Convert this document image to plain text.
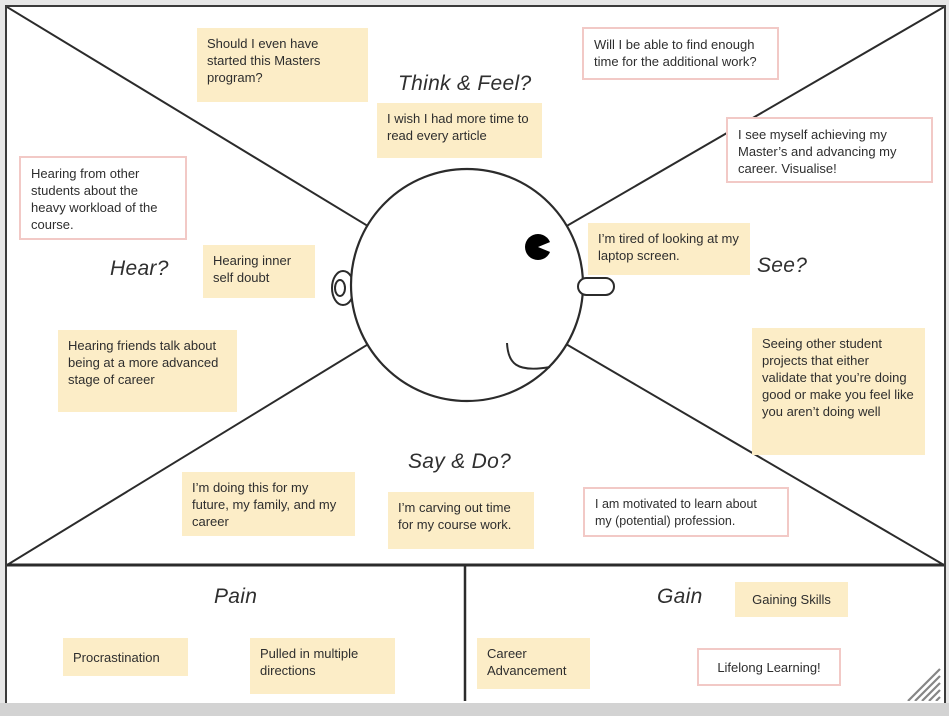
Think & Feel?
Hear?	See?
Say & Do?
Pain	Gain
Should I even have started this Masters program?
I wish I had more time to read every article
Will I be able to find enough time for the additional work?
I see myself achieving my Master’s and advancing my career. Visualise!
Hearing from other students about the heavy workload of the course.
Hearing inner self doubt
Hearing friends talk about being at a more advanced stage of career
I’m tired of looking at my laptop screen.
Seeing other student projects that either validate that you’re doing good or make you feel like you aren’t doing well
I’m doing this for my future, my family, and my career
I’m carving out time for my course work.
I am motivated to learn about my (potential) profession.
Procrastination	Pulled in multiple directions
Career Advancement
Gaining Skills
Lifelong Learning!
